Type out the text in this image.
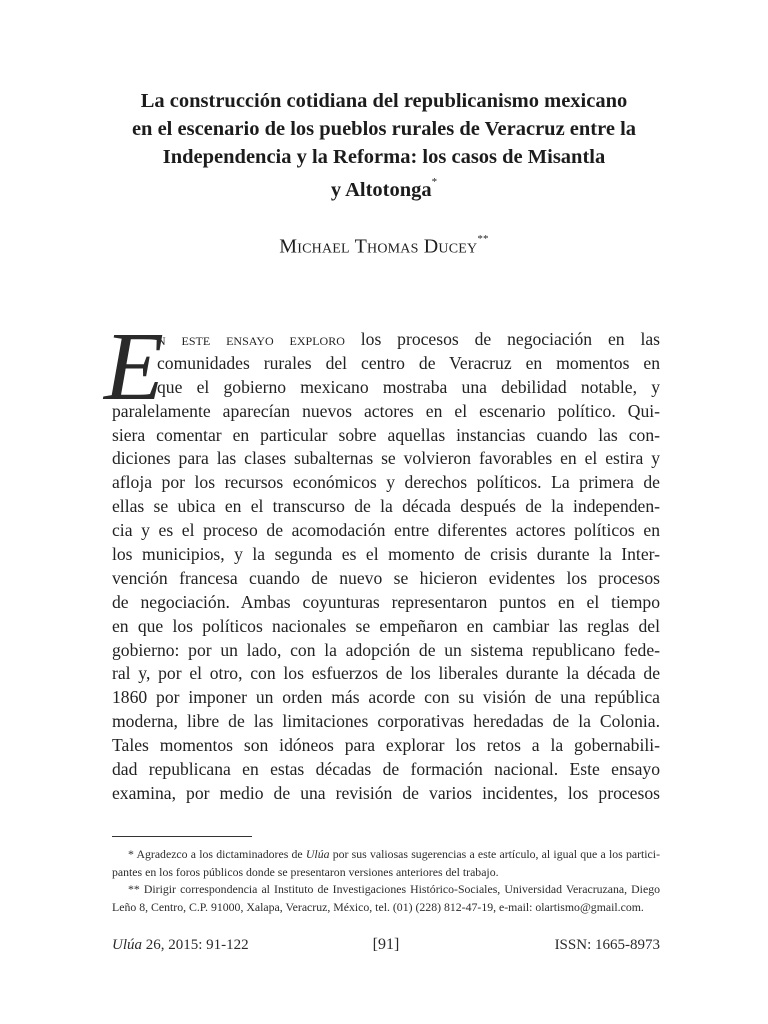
La construcción cotidiana del republicanismo mexicano
en el escenario de los pueblos rurales de Veracruz entre la
Independencia y la Reforma: los casos de Misantla
y Altotonga*
Michael Thomas Ducey**
E
n este ensayo exploro los procesos de negociación en las
comunidades rurales del centro de Veracruz en momentos en
que el gobierno mexicano mostraba una debilidad notable, y
paralelamente aparecían nuevos actores en el escenario político. Qui-
siera comentar en particular sobre aquellas instancias cuando las con-
diciones para las clases subalternas se volvieron favorables en el estira y
afloja por los recursos económicos y derechos políticos. La primera de
ellas se ubica en el transcurso de la década después de la independen-
cia y es el proceso de acomodación entre diferentes actores políticos en
los municipios, y la segunda es el momento de crisis durante la Inter-
vención francesa cuando de nuevo se hicieron evidentes los procesos
de negociación. Ambas coyunturas representaron puntos en el tiempo
en que los políticos nacionales se empeñaron en cambiar las reglas del
gobierno: por un lado, con la adopción de un sistema republicano fede-
ral y, por el otro, con los esfuerzos de los liberales durante la década de
1860 por imponer un orden más acorde con su visión de una república
moderna, libre de las limitaciones corporativas heredadas de la Colonia.
Tales momentos son idóneos para explorar los retos a la gobernabili-
dad republicana en estas décadas de formación nacional. Este ensayo
examina, por medio de una revisión de varios incidentes, los procesos
* Agradezco a los dictaminadores de Ulúa por sus valiosas sugerencias a este artículo, al igual que a los partici-
pantes en los foros públicos donde se presentaron versiones anteriores del trabajo.
** Dirigir correspondencia al Instituto de Investigaciones Histórico-Sociales, Universidad Veracruzana, Diego
Leño 8, Centro, C.P. 91000, Xalapa, Veracruz, México, tel. (01) (228) 812-47-19, e-mail: olartismo@gmail.com.
Ulúa 26, 2015: 91-122	[91]	ISSN: 1665-8973
